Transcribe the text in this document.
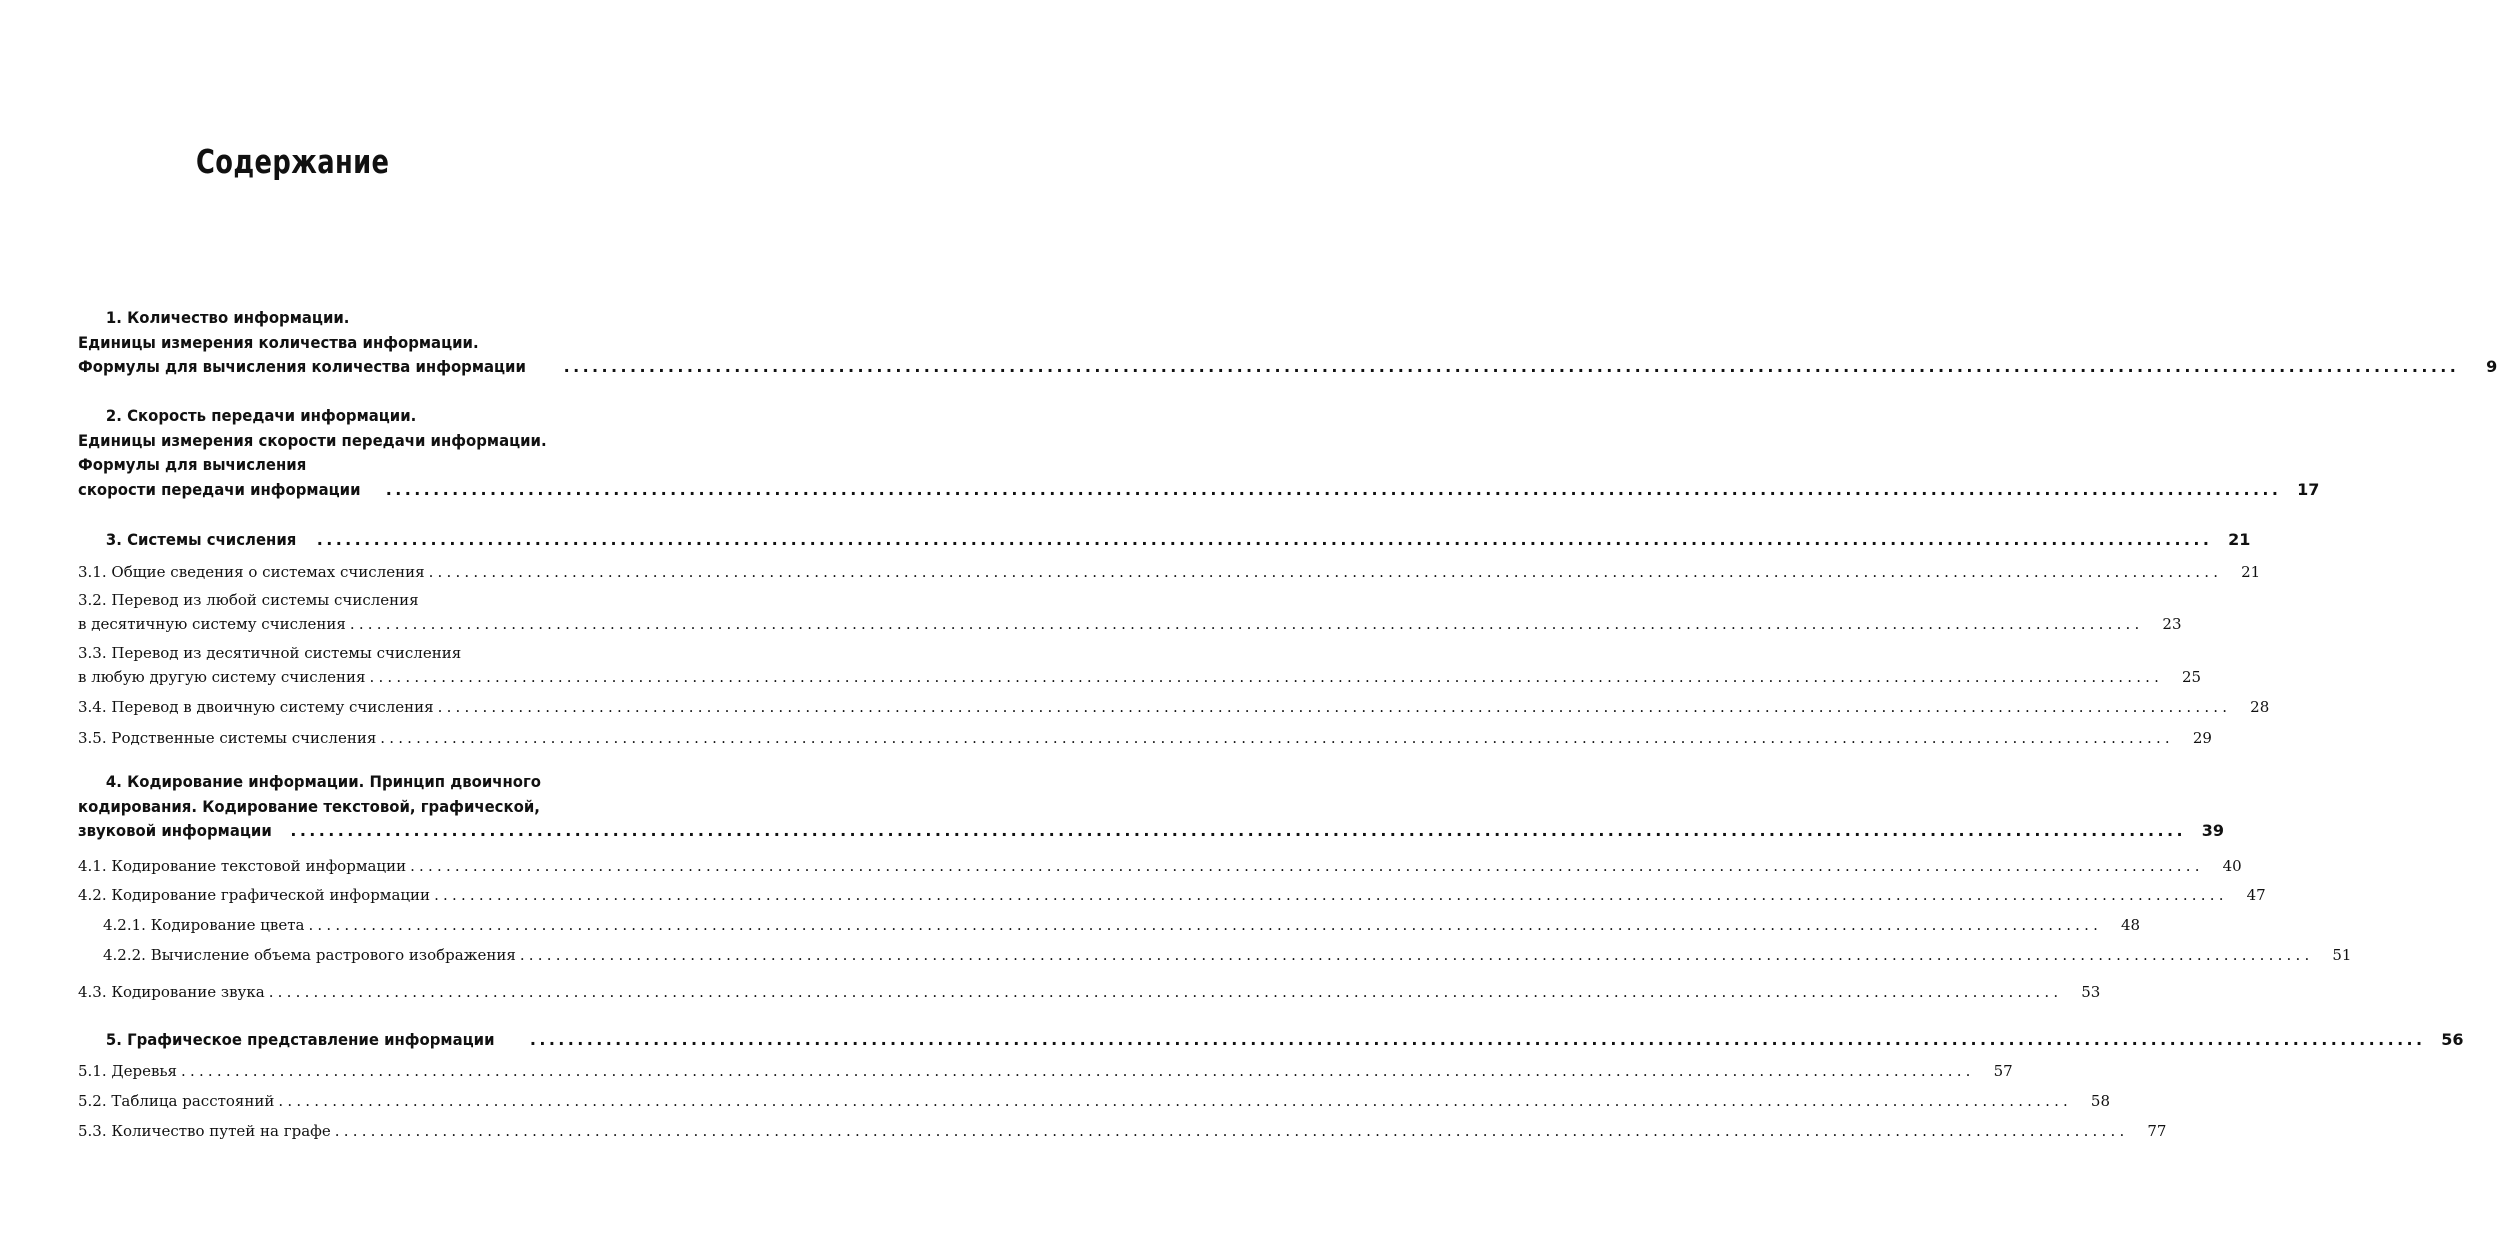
Содержание
1. Количество информации.
Единицы измерения количества информации.
Формулы для вычисления количества информации ........................................................................................................................................................................................................	9
2. Скорость передачи информации.
Единицы измерения скорости передачи информации.
Формулы для вычисления
скорости передачи информации ........................................................................................................................................................................................................ 17
3. Системы счисления ........................................................................................................................................................................................................ 21
3.1. Общие сведения о системах счисления ........................................................................................................................................................................................................	21
3.2. Перевод из любой системы счисления
в десятичную систему счисления ........................................................................................................................................................................................................	23
3.3. Перевод из десятичной системы счисления
в любую другую систему счисления ........................................................................................................................................................................................................	25
3.4. Перевод в двоичную систему счисления ........................................................................................................................................................................................................	28
3.5. Родственные системы счисления ........................................................................................................................................................................................................	29
4. Кодирование информации. Принцип двоичного
кодирования. Кодирование текстовой, графической,
звуковой информации ........................................................................................................................................................................................................ 39
4.1. Кодирование текстовой информации ........................................................................................................................................................................................................	40
4.2. Кодирование графической информации ........................................................................................................................................................................................................	47
4.2.1. Кодирование цвета ........................................................................................................................................................................................................	48
4.2.2. Вычисление объема растрового изображения ........................................................................................................................................................................................................	51
4.3. Кодирование звука ........................................................................................................................................................................................................	53
5. Графическое представление информации ........................................................................................................................................................................................................ 56
5.1. Деревья ........................................................................................................................................................................................................	57
5.2. Таблица расстояний ........................................................................................................................................................................................................	58
5.3. Количество путей на графе ........................................................................................................................................................................................................	77
